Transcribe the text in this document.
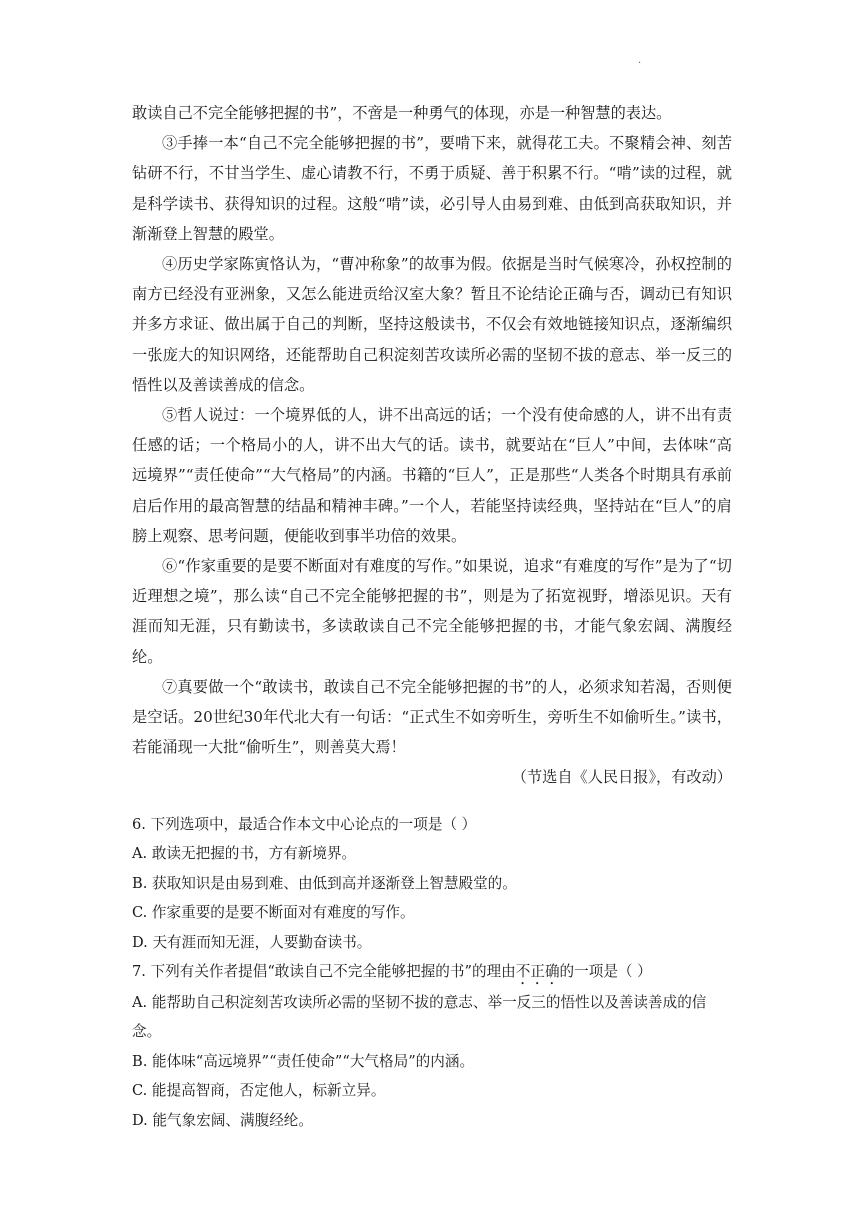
·

敢读自己不完全能够把握的书”，不啻是一种勇气的体现，亦是一种智慧的表达。

③手捧一本“自己不完全能够把握的书”，要啃下来，就得花工夫。不聚精会神、刻苦钻研不行，不甘当学生、虚心请教不行，不勇于质疑、善于积累不行。“啃”读的过程，就是科学读书、获得知识的过程。这般“啃”读，必引导人由易到难、由低到高获取知识，并渐渐登上智慧的殿堂。

④历史学家陈寅恪认为，“曹冲称象”的故事为假。依据是当时气候寒冷，孙权控制的南方已经没有亚洲象，又怎么能进贡给汉室大象？暂且不论结论正确与否，调动已有知识并多方求证、做出属于自己的判断，坚持这般读书，不仅会有效地链接知识点，逐渐编织一张庞大的知识网络，还能帮助自己积淀刻苦攻读所必需的坚韧不拔的意志、举一反三的悟性以及善读善成的信念。

⑤哲人说过：一个境界低的人，讲不出高远的话；一个没有使命感的人，讲不出有责任感的话；一个格局小的人，讲不出大气的话。读书，就要站在“巨人”中间，去体味“高远境界”“责任使命”“大气格局”的内涵。书籍的“巨人”，正是那些“人类各个时期具有承前启后作用的最高智慧的结晶和精神丰碑。”一个人，若能坚持读经典，坚持站在“巨人”的肩膀上观察、思考问题，便能收到事半功倍的效果。

⑥“作家重要的是要不断面对有难度的写作。”如果说，追求“有难度的写作”是为了“切近理想之境”，那么读“自己不完全能够把握的书”，则是为了拓宽视野，增添见识。天有涯而知无涯，只有勤读书，多读敢读自己不完全能够把握的书，才能气象宏阔、满腹经纶。

⑦真要做一个“敢读书，敢读自己不完全能够把握的书”的人，必须求知若渴，否则便是空话。20世纪30年代北大有一句话：“正式生不如旁听生，旁听生不如偷听生。”读书，若能涌现一大批“偷听生”，则善莫大焉！

（节选自《人民日报》，有改动）

6. 下列选项中，最适合作本文中心论点的一项是（ ）

A. 敢读无把握的书，方有新境界。

B. 获取知识是由易到难、由低到高并逐渐登上智慧殿堂的。

C. 作家重要的是要不断面对有难度的写作。

D. 天有涯而知无涯，人要勤奋读书。

7. 下列有关作者提倡“敢读自己不完全能够把握的书”的理由不正确的一项是（ ）

A. 能帮助自己积淀刻苦攻读所必需的坚韧不拔的意志、举一反三的悟性以及善读善成的信

念。

B. 能体味“高远境界”“责任使命”“大气格局”的内涵。

C. 能提高智商，否定他人，标新立异。

D. 能气象宏阔、满腹经纶。
